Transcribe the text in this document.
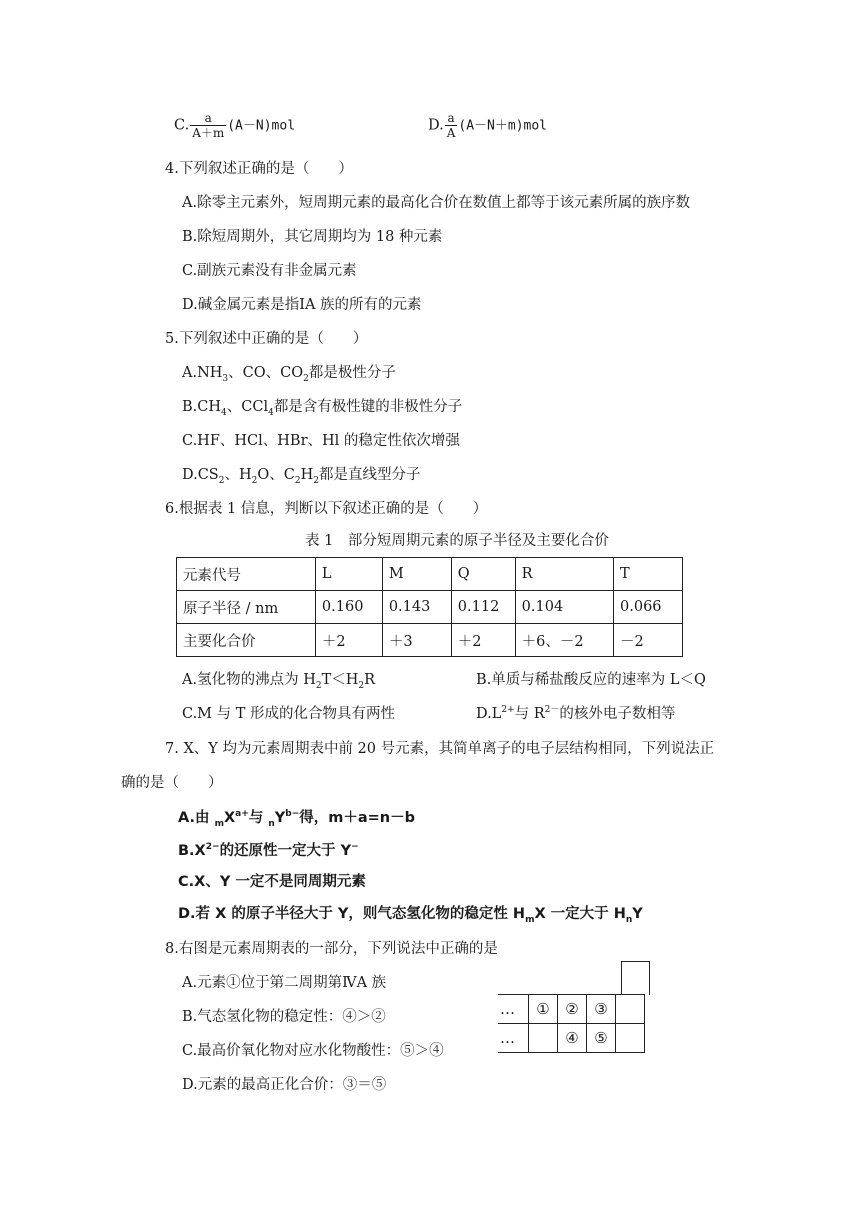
C. $\frac{a}{A+m} (A-N)mol$	D. $\frac{a}{A} (A-N+m)mol$
4.下列叙述正确的是（　　）
A.除零主元素外，短周期元素的最高化合价在数值上都等于该元素所属的族序数
B.除短周期外，其它周期均为 18 种元素
C.副族元素没有非金属元素
D.碱金属元素是指ⅠA 族的所有的元素
5.下列叙述中正确的是（　　）
$A.NH_3$、CO、$CO_2$都是极性分子
$B.CH_4$、CCl$_4$都是含有极性键的非极性分子
C.HF、HCl、HBr、Hl 的稳定性依次增强
$D.CS_2$、$H_2O$、$C_2H_2$都是直线型分子
6.根据表 1 信息，判断以下叙述正确的是（　　）
表 1　部分短周期元素的原子半径及主要化合价
元素代号	L	M	Q	R	T
原子半径 / nm	0.160	0.143	0.112	0.104	0.066
主要化合价	＋2	＋3	＋2	＋6、－2	－2
A.氢化物的沸点为 $H_2T<H_2R$	B.单质与稀盐酸反应的速率为 L＜Q
C.M 与 T 形成的化合物具有两性	$D.L^{2+}$与 $R^{2-}$的核外电子数相等
7. X、Y 均为元素周期表中前 20 号元素，其简单离子的电子层结构相同，下列说法正
确的是（　　）
A.由 $_mX^{a+}$与 $_nY^{b-}$得，m＋a=n－b
$B.X^{2-}$的还原性一定大于 Y−
C.X、Y 一定不是同周期元素
D.若 X 的原子半径大于 Y，则气态氢化物的稳定性 $H_mX$ 一定大于 $H_nY$
8.右图是元素周期表的一部分，下列说法中正确的是
A.元素①位于第二周期第ⅣA 族
B.气态氢化物的稳定性：④＞②
C.最高价氧化物对应水化物酸性：⑤＞④
D.元素的最高正化合价：③＝⑤
…	①	②	③	
…		④	⑤	
